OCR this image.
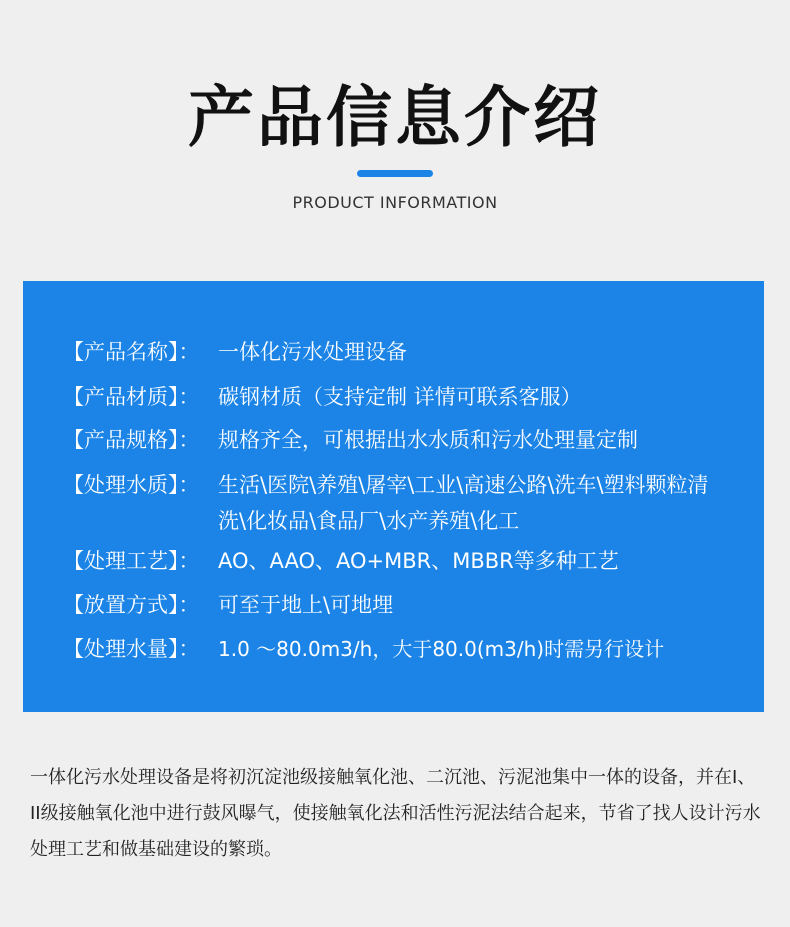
产品信息介绍
PRODUCT INFORMATION
【产品名称】： 一体化污水处理设备
【产品材质】： 碳钢材质（支持定制 详情可联系客服）
【产品规格】： 规格齐全，可根据出水水质和污水处理量定制
【处理水质】： 生活\医院\养殖\屠宰\工业\高速公路\洗车\塑料颗粒清洗\化妆品\食品厂\水产养殖\化工
【处理工艺】： AO、AAO、AO+MBR、MBBR等多种工艺
【放置方式】： 可至于地上\可地埋
【处理水量】：1.0 ～80.0m3/h，大于80.0(m3/h)时需另行设计
一体化污水处理设备是将初沉淀池级接触氧化池、二沉池、污泥池集中一体的设备，并在I、II级接触氧化池中进行鼓风曝气，使接触氧化法和活性污泥法结合起来，节省了找人设计污水处理工艺和做基础建设的繁琐。
